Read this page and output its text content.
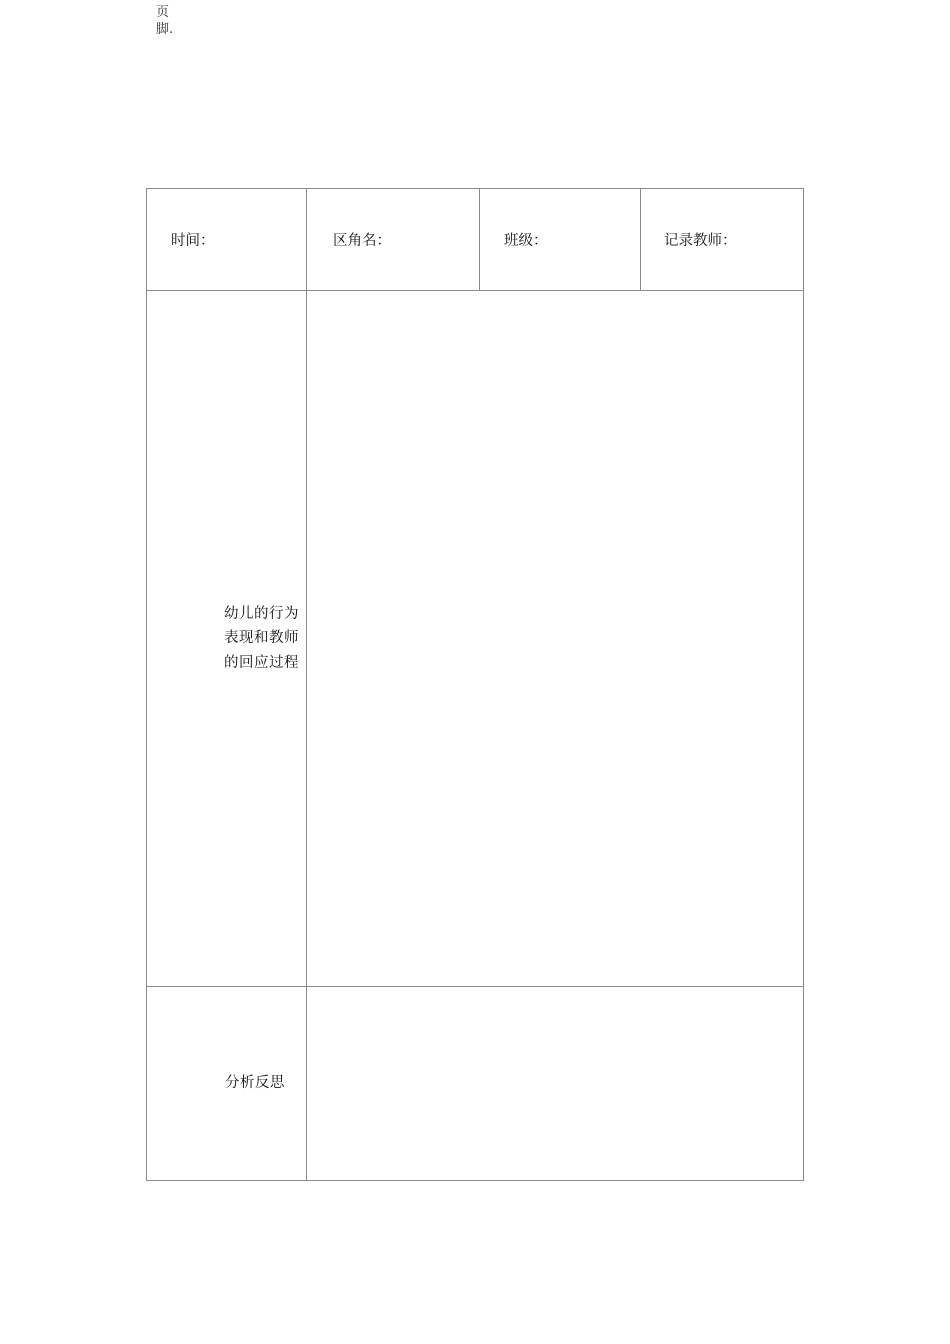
页
脚.
时间：	区角名：	班级：	记录教师：

幼儿的行为表现和教师的回应过程			

分析反思			
